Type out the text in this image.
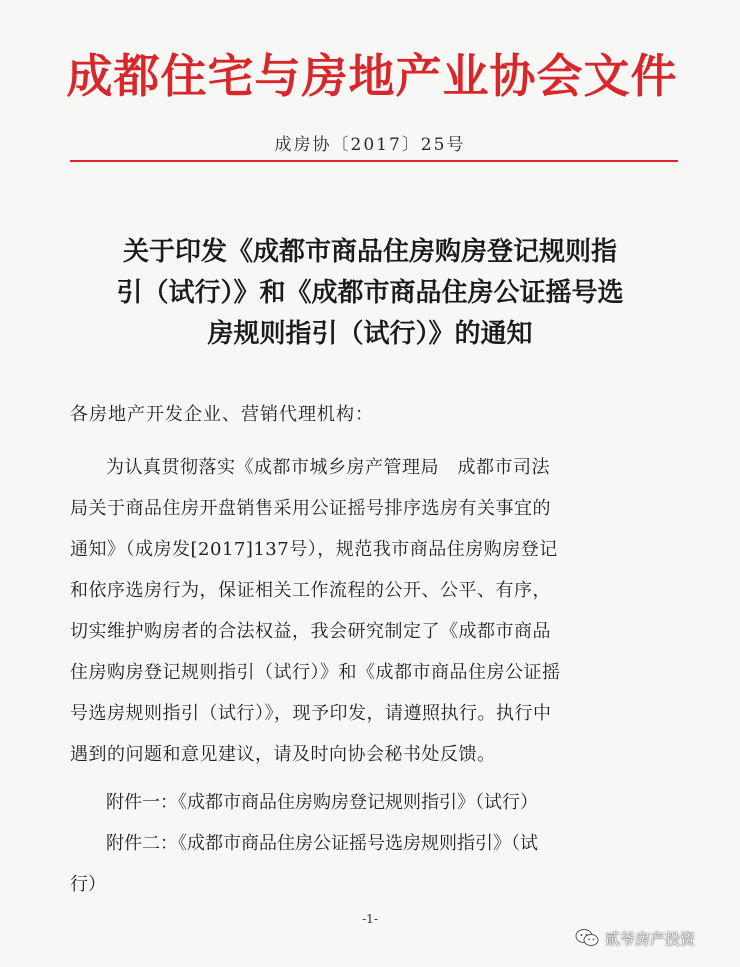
成都住宅与房地产业协会文件
成房协〔2017〕25号
关于印发《成都市商品住房购房登记规则指
引（试行）》和《成都市商品住房公证摇号选
房规则指引（试行）》的通知
各房地产开发企业、营销代理机构：
为认真贯彻落实《成都市城乡房产管理局　成都市司法
局关于商品住房开盘销售采用公证摇号排序选房有关事宜的
通知》（成房发[2017]137号），规范我市商品住房购房登记
和依序选房行为，保证相关工作流程的公开、公平、有序，
切实维护购房者的合法权益，我会研究制定了《成都市商品
住房购房登记规则指引（试行）》和《成都市商品住房公证摇
号选房规则指引（试行）》，现予印发，请遵照执行。执行中
遇到的问题和意见建议，请及时向协会秘书处反馈。
附件一：《成都市商品住房购房登记规则指引》（试行）
附件二：《成都市商品住房公证摇号选房规则指引》（试
行）
-1-
贰爷房产投资
